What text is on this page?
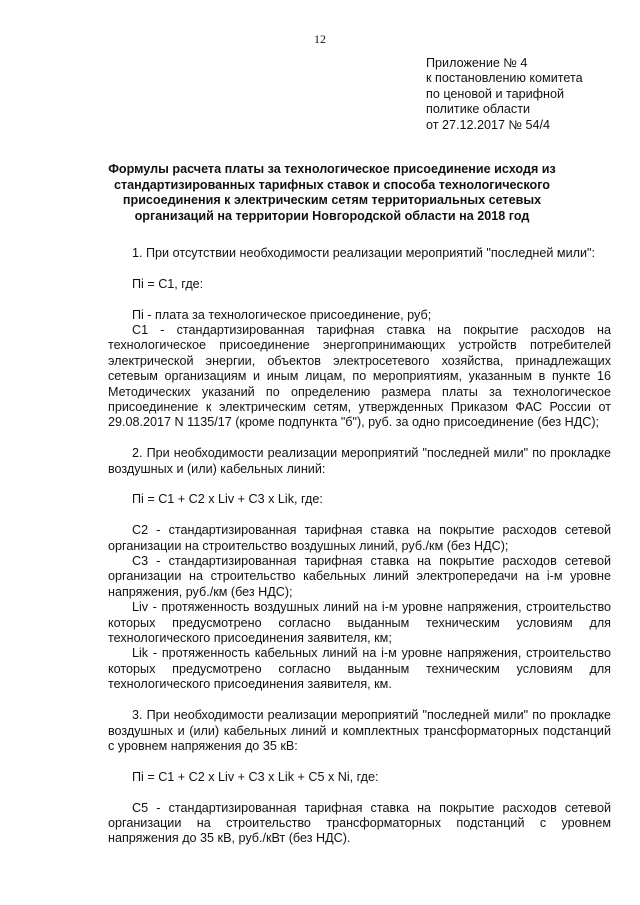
12
Приложение № 4
к постановлению комитета
по ценовой и тарифной
политике области
от 27.12.2017 № 54/4
Формулы расчета платы за технологическое присоединение исходя из
стандартизированных тарифных ставок и способа технологического
присоединения к электрическим сетям территориальных сетевых
организаций на территории Новгородской области на 2018 год

1. При отсутствии необходимости реализации мероприятий "последней мили":

Пi = C1, где:

Пi - плата за технологическое присоединение, руб;

C1 - стандартизированная тарифная ставка на покрытие расходов на технологическое присоединение энергопринимающих устройств потребителей электрической энергии, объектов электросетевого хозяйства, принадлежащих сетевым организациям и иным лицам, по мероприятиям, указанным в пункте 16 Методических указаний по определению размера платы за технологическое присоединение к электрическим сетям, утвержденных Приказом ФАС России от 29.08.2017 N 1135/17 (кроме подпункта "б"), руб. за одно присоединение (без НДС);

2. При необходимости реализации мероприятий "последней мили" по прокладке воздушных и (или) кабельных линий:

Пi = C1 + C2 x Liv + C3 x Lik, где:

C2 - стандартизированная тарифная ставка на покрытие расходов сетевой организации на строительство воздушных линий, руб./км (без НДС);

C3 - стандартизированная тарифная ставка на покрытие расходов сетевой организации на строительство кабельных линий электропередачи на i-м уровне напряжения, руб./км (без НДС);

Liv - протяженность воздушных линий на i-м уровне напряжения, строительство которых предусмотрено согласно выданным техническим условиям для технологического присоединения заявителя, км;

Lik - протяженность кабельных линий на i-м уровне напряжения, строительство которых предусмотрено согласно выданным техническим условиям для технологического присоединения заявителя, км.

3. При необходимости реализации мероприятий "последней мили" по прокладке воздушных и (или) кабельных линий и комплектных трансформаторных подстанций с уровнем напряжения до 35 кВ:

Пi = C1 + C2 x Liv + C3 x Lik + C5 x Ni, где:

C5 - стандартизированная тарифная ставка на покрытие расходов сетевой организации на строительство трансформаторных подстанций с уровнем напряжения до 35 кВ, руб./кВт (без НДС).
